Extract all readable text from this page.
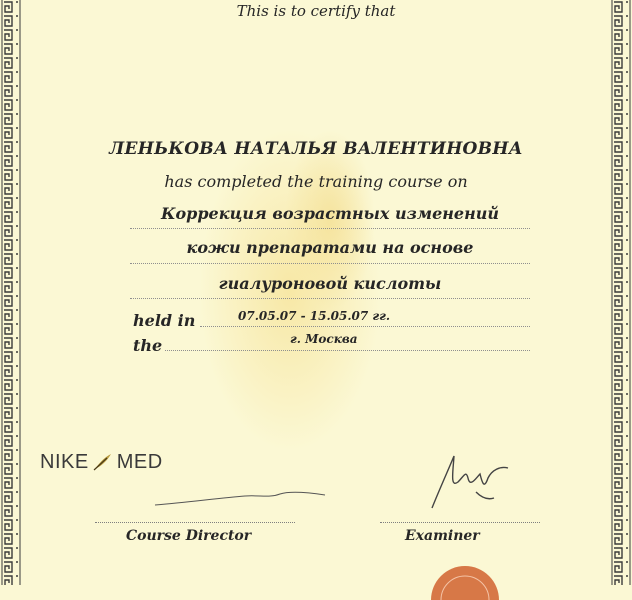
This is to certify that
ЛЕНЬКОВА НАТАЛЬЯ ВАЛЕНТИНОВНА
has completed the training course on
Коррекция возрастных изменений
кожи препаратами на основе
гиалуроновой кислоты
held in	07.05.07 - 15.05.07 гг.
the	г. Москва
NIKE MED
Course Director	Examiner
